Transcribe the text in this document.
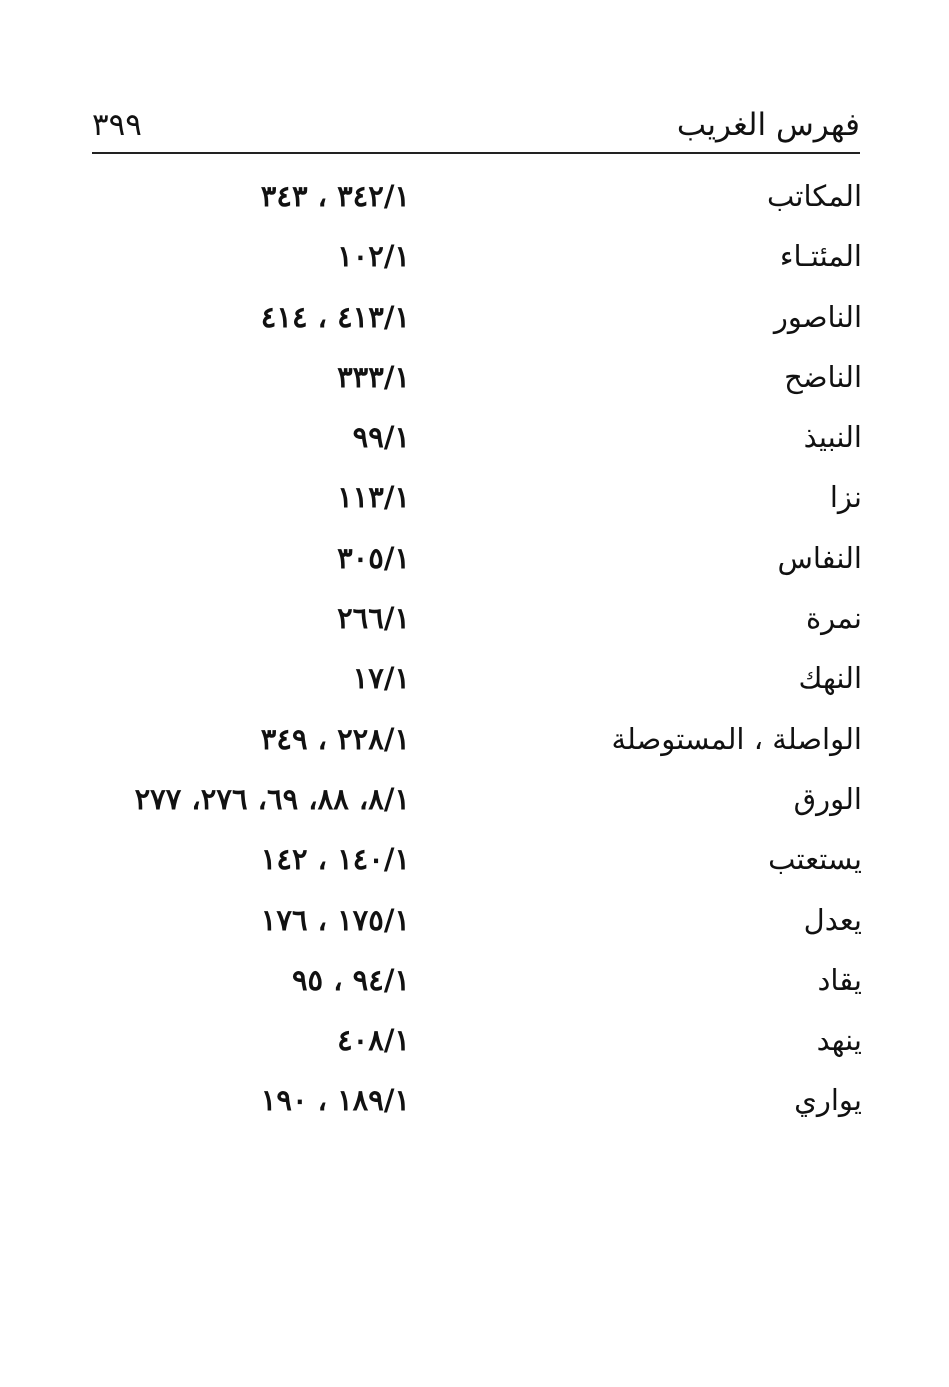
فهرس الغريب
٣٩٩
المكاتب
٣٤٢/١ ، ٣٤٣
المئتـاء
١٠٢/١
الناصور
٤١٣/١ ، ٤١٤
الناضح
٣٣٣/١
النبيذ
٩٩/١
نزا
١١٣/١
النفاس
٣٠٥/١
نمرة
٢٦٦/١
النهك
١٧/١
الواصلة ، المستوصلة
٢٢٨/١ ، ٣٤٩
الورق
٨/١، ٨٨، ٦٩، ٢٧٦، ٢٧٧
يستعتب
١٤٠/١ ، ١٤٢
يعدل
١٧٥/١ ، ١٧٦
يقاد
٩٤/١ ، ٩٥
ينهد
٤٠٨/١
يواري
١٨٩/١ ، ١٩٠
